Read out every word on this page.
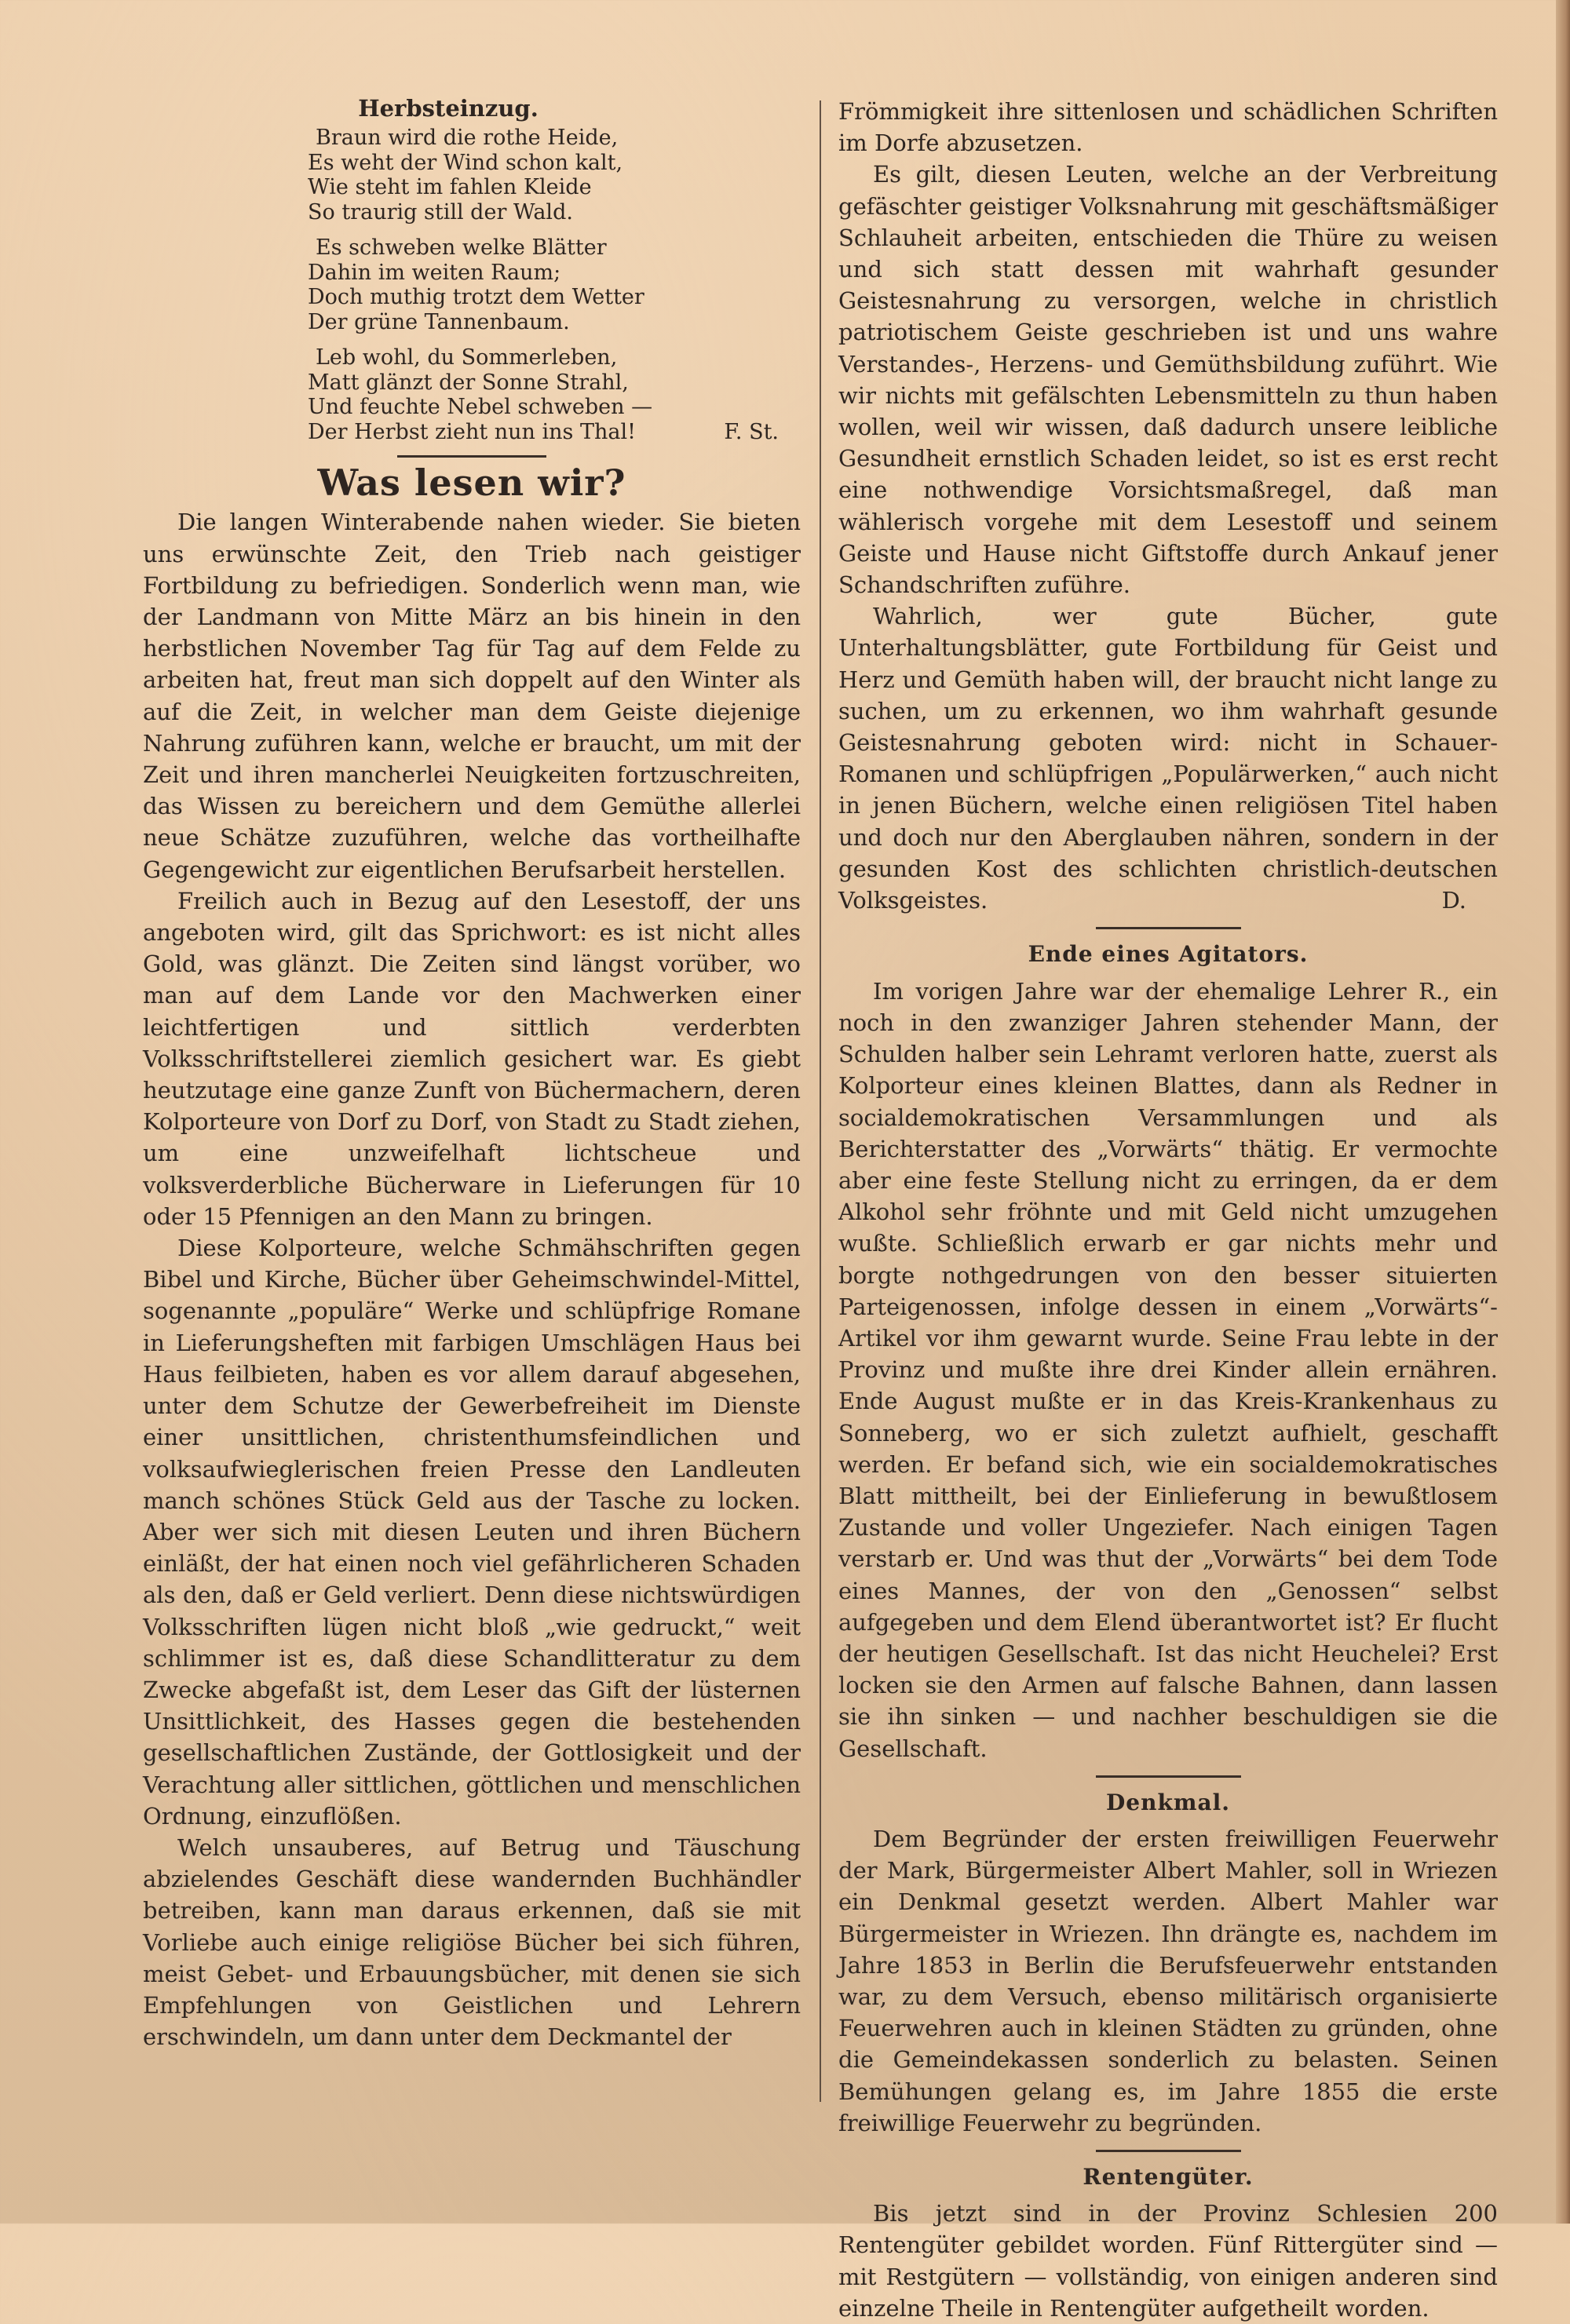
Herbsteinzug.
Braun wird die rothe Heide,
Es weht der Wind schon kalt,
Wie steht im fahlen Kleide
So traurig still der Wald.
Es schweben welke Blätter
Dahin im weiten Raum;
Doch muthig trotzt dem Wetter
Der grüne Tannenbaum.
Leb wohl, du Sommerleben,
Matt glänzt der Sonne Strahl,
Und feuchte Nebel schweben —
Der Herbst zieht nun ins Thal!	F. St.
Was lesen wir?

Die langen Winterabende nahen wieder. Sie bieten uns erwünschte Zeit, den Trieb nach geistiger Fortbildung zu befriedigen. Sonderlich wenn man, wie der Landmann von Mitte März an bis hinein in den herbstlichen November Tag für Tag auf dem Felde zu arbeiten hat, freut man sich doppelt auf den Winter als auf die Zeit, in welcher man dem Geiste diejenige Nahrung zuführen kann, welche er braucht, um mit der Zeit und ihren mancherlei Neuigkeiten fortzuschreiten, das Wissen zu bereichern und dem Gemüthe allerlei neue Schätze zuzuführen, welche das vortheilhafte Gegengewicht zur eigentlichen Berufsarbeit herstellen.

Freilich auch in Bezug auf den Lesestoff, der uns angeboten wird, gilt das Sprichwort: es ist nicht alles Gold, was glänzt. Die Zeiten sind längst vorüber, wo man auf dem Lande vor den Machwerken einer leichtfertigen und sittlich verderbten Volksschriftstellerei ziemlich gesichert war. Es giebt heutzutage eine ganze Zunft von Büchermachern, deren Kolporteure von Dorf zu Dorf, von Stadt zu Stadt ziehen, um eine unzweifelhaft lichtscheue und volksverderbliche Bücherware in Lieferungen für 10 oder 15 Pfennigen an den Mann zu bringen.

Diese Kolporteure, welche Schmähschriften gegen Bibel und Kirche, Bücher über Geheimschwindel-Mittel, sogenannte „populäre“ Werke und schlüpfrige Romane in Lieferungsheften mit farbigen Umschlägen Haus bei Haus feilbieten, haben es vor allem darauf abgesehen, unter dem Schutze der Gewerbefreiheit im Dienste einer unsittlichen, christenthumsfeindlichen und volksaufwieglerischen freien Presse den Landleuten manch schönes Stück Geld aus der Tasche zu locken. Aber wer sich mit diesen Leuten und ihren Büchern einläßt, der hat einen noch viel gefährlicheren Schaden als den, daß er Geld verliert. Denn diese nichtswürdigen Volksschriften lügen nicht bloß „wie gedruckt,“ weit schlimmer ist es, daß diese Schandlitteratur zu dem Zwecke abgefaßt ist, dem Leser das Gift der lüsternen Unsittlichkeit, des Hasses gegen die bestehenden gesellschaftlichen Zustände, der Gottlosigkeit und der Verachtung aller sittlichen, göttlichen und menschlichen Ordnung, einzuflößen.

Welch unsauberes, auf Betrug und Täuschung abzielendes Geschäft diese wandernden Buchhändler betreiben, kann man daraus erkennen, daß sie mit Vorliebe auch einige religiöse Bücher bei sich führen, meist Gebet- und Erbauungsbücher, mit denen sie sich Empfehlungen von Geistlichen und Lehrern erschwindeln, um dann unter dem Deckmantel der

Frömmigkeit ihre sittenlosen und schädlichen Schriften im Dorfe abzusetzen.

Es gilt, diesen Leuten, welche an der Verbreitung gefäschter geistiger Volksnahrung mit geschäftsmäßiger Schlauheit arbeiten, entschieden die Thüre zu weisen und sich statt dessen mit wahrhaft gesunder Geistesnahrung zu versorgen, welche in christlich patriotischem Geiste geschrieben ist und uns wahre Verstandes-, Herzens- und Gemüthsbildung zuführt. Wie wir nichts mit gefälschten Lebensmitteln zu thun haben wollen, weil wir wissen, daß dadurch unsere leibliche Gesundheit ernstlich Schaden leidet, so ist es erst recht eine nothwendige Vorsichtsmaßregel, daß man wählerisch vorgehe mit dem Lesestoff und seinem Geiste und Hause nicht Giftstoffe durch Ankauf jener Schandschriften zuführe.

Wahrlich, wer gute Bücher, gute Unterhaltungsblätter, gute Fortbildung für Geist und Herz und Gemüth haben will, der braucht nicht lange zu suchen, um zu erkennen, wo ihm wahrhaft gesunde Geistesnahrung geboten wird: nicht in Schauer-Romanen und schlüpfrigen „Populärwerken,“ auch nicht in jenen Büchern, welche einen religiösen Titel haben und doch nur den Aberglauben nähren, sondern in der gesunden Kost des schlichten christlich-deutschen Volksgeistes.	D.
Ende eines Agitators.

Im vorigen Jahre war der ehemalige Lehrer R., ein noch in den zwanziger Jahren stehender Mann, der Schulden halber sein Lehramt verloren hatte, zuerst als Kolporteur eines kleinen Blattes, dann als Redner in socialdemokratischen Versammlungen und als Berichterstatter des „Vorwärts“ thätig. Er vermochte aber eine feste Stellung nicht zu erringen, da er dem Alkohol sehr fröhnte und mit Geld nicht umzugehen wußte. Schließlich erwarb er gar nichts mehr und borgte nothgedrungen von den besser situierten Parteigenossen, infolge dessen in einem „Vorwärts“-Artikel vor ihm gewarnt wurde. Seine Frau lebte in der Provinz und mußte ihre drei Kinder allein ernähren. Ende August mußte er in das Kreis-Krankenhaus zu Sonneberg, wo er sich zuletzt aufhielt, geschafft werden. Er befand sich, wie ein socialdemokratisches Blatt mittheilt, bei der Einlieferung in bewußtlosem Zustande und voller Ungeziefer. Nach einigen Tagen verstarb er. Und was thut der „Vorwärts“ bei dem Tode eines Mannes, der von den „Genossen“ selbst aufgegeben und dem Elend überantwortet ist? Er flucht der heutigen Gesellschaft. Ist das nicht Heuchelei? Erst locken sie den Armen auf falsche Bahnen, dann lassen sie ihn sinken — und nachher beschuldigen sie die Gesellschaft.

Denkmal.

Dem Begründer der ersten freiwilligen Feuerwehr der Mark, Bürgermeister Albert Mahler, soll in Wriezen ein Denkmal gesetzt werden. Albert Mahler war Bürgermeister in Wriezen. Ihn drängte es, nachdem im Jahre 1853 in Berlin die Berufsfeuerwehr entstanden war, zu dem Versuch, ebenso militärisch organisierte Feuerwehren auch in kleinen Städten zu gründen, ohne die Gemeindekassen sonderlich zu belasten. Seinen Bemühungen gelang es, im Jahre 1855 die erste freiwillige Feuerwehr zu begründen.

Rentengüter.

Bis jetzt sind in der Provinz Schlesien 200 Rentengüter gebildet worden. Fünf Rittergüter sind — mit Restgütern — vollständig, von einigen anderen sind einzelne Theile in Rentengüter aufgetheilt worden.
